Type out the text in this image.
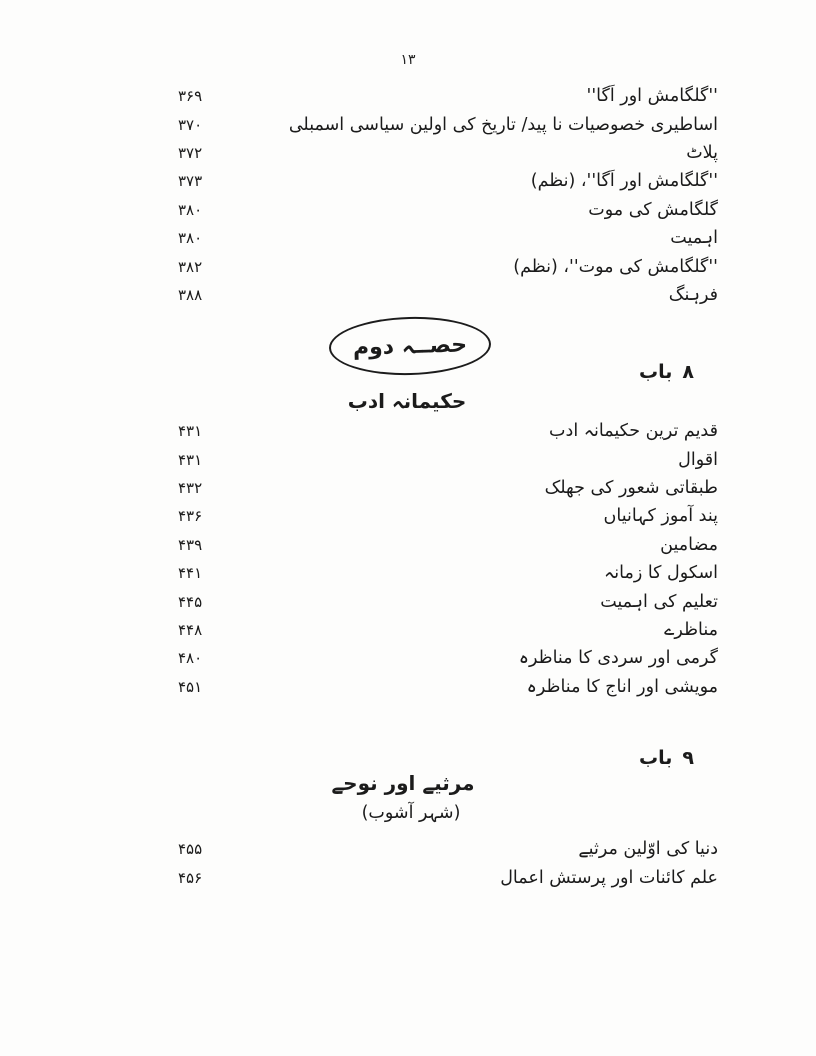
۱۳
۳۶۹	''گلگامش اور اَگا''
۳۷۰	اساطیری خصوصیات نا پید/ تاریخ کی اولین سیاسی اسمبلی
۳۷۲	پلاٹ
۳۷۳	''گلگامش اور اَگا''، (نظم)
۳۸۰	گلگامش کی موت
۳۸۰	اہمیت
۳۸۲	''گلگامش کی موت''، (نظم)
۳۸۸	فرہنگ
حصــہ دوم
باب ۸
حکیمانہ ادب
۴۳۱	قدیم ترین حکیمانہ ادب
۴۳۱	اقوال
۴۳۲	طبقاتی شعور کی جھلک
۴۳۶	پند آموز کہانیاں
۴۳۹	مضامین
۴۴۱	اسکول کا زمانہ
۴۴۵	تعلیم کی اہمیت
۴۴۸	مناظرے
۴۸۰	گرمی اور سردی کا مناظرہ
۴۵۱	مویشی اور اناج کا مناظرہ
باب ۹
مرثیے اور نوحے
(شہر آشوب)
۴۵۵	دنیا کی اوّلین مرثیے
۴۵۶	علم کائنات اور پرستش اعمال
